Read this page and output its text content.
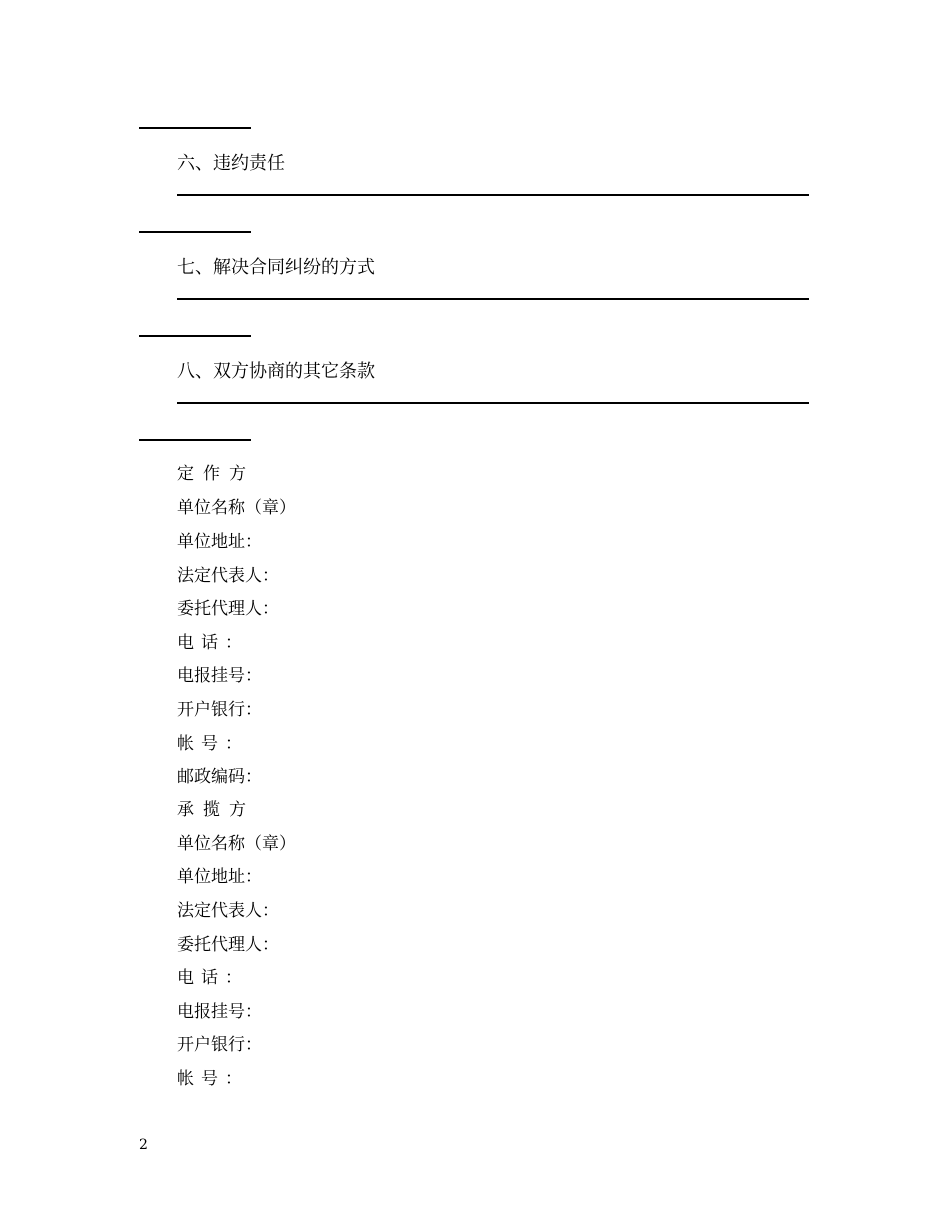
六、违约责任
七、解决合同纠纷的方式
八、双方协商的其它条款
定作方
单位名称（章）
单位地址：
法定代表人：
委托代理人：
电话：
电报挂号：
开户银行：
帐号：
邮政编码：
承揽方
单位名称（章）
单位地址：
法定代表人：
委托代理人：
电话：
电报挂号：
开户银行：
帐号：
2
